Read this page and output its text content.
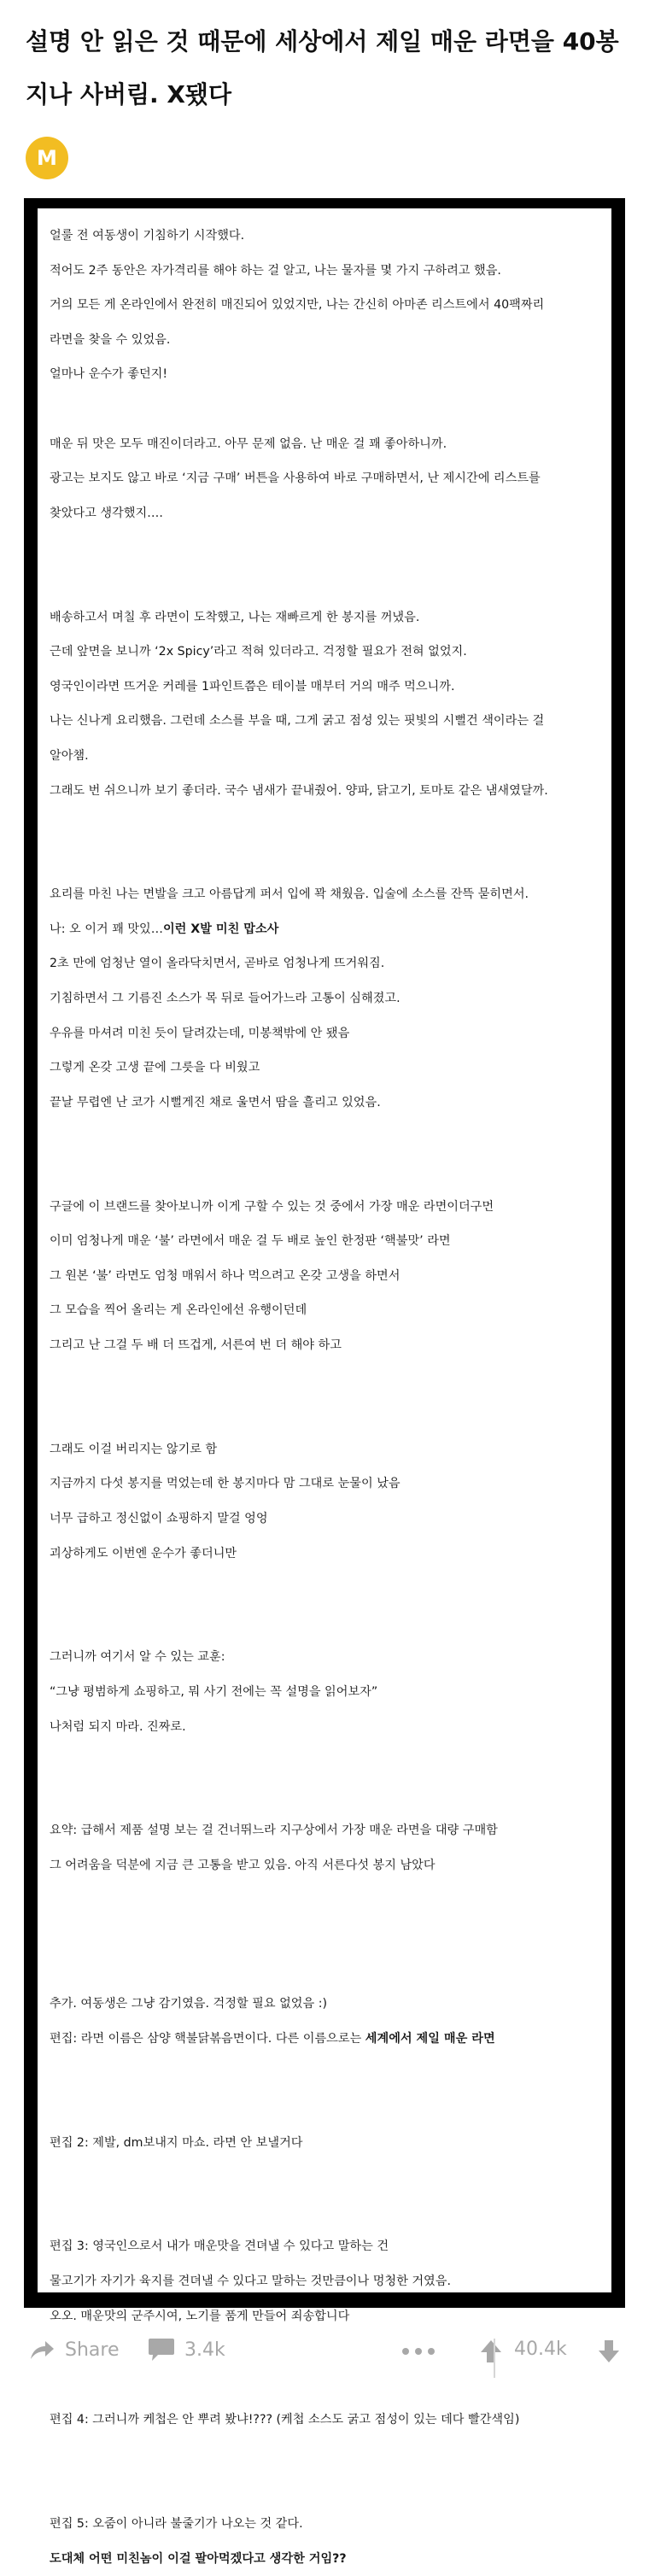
설명 안 읽은 것 때문에 세상에서 제일 매운 라면을 40봉지나 사버림. X됐다
M

얼룰 전 여동생이 기침하기 시작했다.

적어도 2주 동안은 자가격리를 해야 하는 걸 알고, 나는 물자를 몇 가지 구하려고 했음.

거의 모든 게 온라인에서 완전히 매진되어 있었지만, 나는 간신히 아마존 리스트에서 40팩짜리

라면을 찾을 수 있었음.

얼마나 운수가 좋던지!

매운 뒤 맛은 모두 매진이더라고. 아무 문제 없음. 난 매운 걸 꽤 좋아하니까.

광고는 보지도 않고 바로 ‘지금 구매’ 버튼을 사용하여 바로 구매하면서, 난 제시간에 리스트를

찾았다고 생각했지….

배송하고서 며칠 후 라면이 도착했고, 나는 재빠르게 한 봉지를 꺼냈음.

근데 앞면을 보니까 ‘2x Spicy’라고 적혀 있더라고. 걱정할 필요가 전혀 없었지.

영국인이라면 뜨거운 커레를 1파인트쯤은 테이블 매부터 거의 매주 먹으니까.

나는 신나게 요리했음. 그런데 소스를 부을 때, 그게 굵고 점성 있는 핏빛의 시뻘건 색이라는 걸

알아챔.

그래도 번 쉬으니까 보기 좋더라. 국수 냄새가 끝내줬어. 양파, 닭고기, 토마토 같은 냄새였달까.

요리를 마친 나는 면발을 크고 아름답게 퍼서 입에 꽉 채웠음. 입술에 소스를 잔뜩 묻히면서.

나: 오 이거 꽤 맛있…이런 X발 미친 맙소사

2초 만에 엄청난 열이 올라닥치면서, 곧바로 엄청나게 뜨거워짐.

기침하면서 그 기름진 소스가 목 뒤로 들어가느라 고통이 심해졌고.

우유를 마셔려 미친 듯이 달려갔는데, 미봉책밖에 안 됐음

그렇게 온갖 고생 끝에 그릇을 다 비웠고

끝날 무렵엔 난 코가 시뻘게진 채로 울면서 땀을 흘리고 있었음.

구글에 이 브랜드를 찾아보니까 이게 구할 수 있는 것 중에서 가장 매운 라면이더구먼

이미 엄청나게 매운 ‘불’ 라면에서 매운 걸 두 배로 높인 한정판 ‘핵불맛’ 라면

그 원본 ‘불’ 라면도 엄청 매워서 하나 먹으려고 온갖 고생을 하면서

그 모습을 찍어 올리는 게 온라인에선 유행이던데

그리고 난 그걸 두 배 더 뜨겁게, 서른여 번 더 해야 하고

그래도 이걸 버리지는 않기로 함

지금까지 다섯 봉지를 먹었는데 한 봉지마다 맘 그대로 눈물이 났음

너무 급하고 정신없이 쇼핑하지 말걸 엉엉

괴상하게도 이번엔 운수가 좋더니만

그러니까 여기서 알 수 있는 교훈:

“그냥 평범하게 쇼핑하고, 뭐 사기 전에는 꼭 설명을 읽어보자”

나처럼 되지 마라. 진짜로.

요약: 급해서 제품 설명 보는 걸 건너뛰느라 지구상에서 가장 매운 라면을 대량 구매함

그 어려움을 덕분에 지금 큰 고통을 받고 있음. 아직 서른다섯 봉지 남았다

추가. 여동생은 그냥 감기였음. 걱정할 필요 없었음 :)

편집: 라면 이름은 삼양 핵불닭볶음면이다. 다른 이름으로는 세계에서 제일 매운 라면

편집 2: 제발, dm보내지 마쇼. 라면 안 보낼거다

편집 3: 영국인으로서 내가 매운맛을 견뎌낼 수 있다고 말하는 건

물고기가 자기가 육지를 견뎌낼 수 있다고 말하는 것만큼이나 멍청한 거였음.

오오. 매운맛의 군주시여, 노기를 품게 만들어 죄송합니다

편집 4: 그러니까 케첩은 안 뿌려 봤냐!??? (케첩 소스도 굵고 점성이 있는 데다 빨간색임)

편집 5: 오줌이 아니라 불줄기가 나오는 것 같다.

도대체 어떤 미친놈이 이걸 팔아먹겠다고 생각한 거임??

Share	3.4k	40.4k
